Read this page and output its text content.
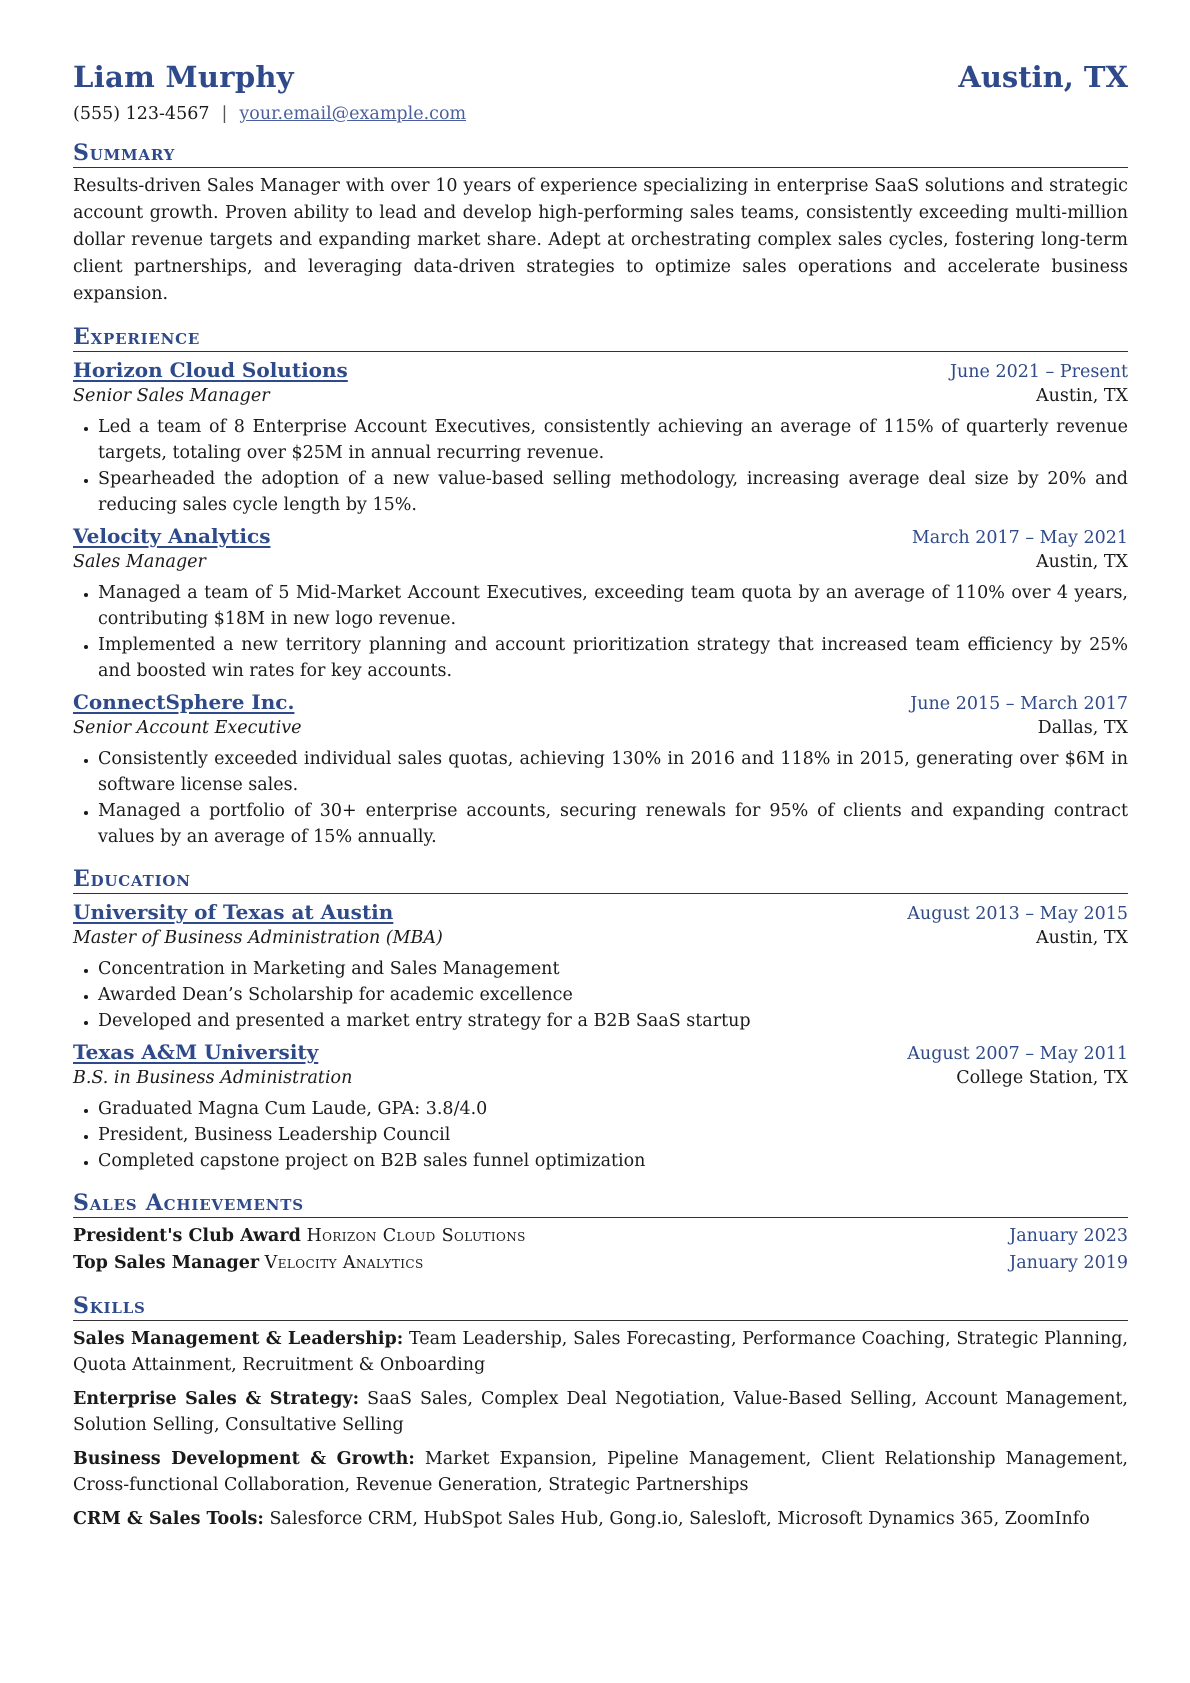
Liam Murphy	Austin, TX
(555) 123-4567 | your.email@example.com
Summary
Results-driven Sales Manager with over 10 years of experience specializing in enterprise SaaS solutions and strategic account growth. Proven ability to lead and develop high-performing sales teams, consistently exceeding multi-million dollar revenue targets and expanding market share. Adept at orchestrating complex sales cycles, fostering long-term client partnerships, and leveraging data-driven strategies to optimize sales operations and accelerate business expansion.
Experience
Horizon Cloud Solutions	June 2021 – Present
Senior Sales Manager	Austin, TX
• Led a team of 8 Enterprise Account Executives, consistently achieving an average of 115% of quarterly revenue targets, totaling over $25M in annual recurring revenue.
• Spearheaded the adoption of a new value-based selling methodology, increasing average deal size by 20% and reducing sales cycle length by 15%.
Velocity Analytics	March 2017 – May 2021
Sales Manager	Austin, TX
• Managed a team of 5 Mid-Market Account Executives, exceeding team quota by an average of 110% over 4 years, contributing $18M in new logo revenue.
• Implemented a new territory planning and account prioritization strategy that increased team efficiency by 25% and boosted win rates for key accounts.
ConnectSphere Inc.	June 2015 – March 2017
Senior Account Executive	Dallas, TX
• Consistently exceeded individual sales quotas, achieving 130% in 2016 and 118% in 2015, generating over $6M in software license sales.
• Managed a portfolio of 30+ enterprise accounts, securing renewals for 95% of clients and expanding contract values by an average of 15% annually.
Education
University of Texas at Austin	August 2013 – May 2015
Master of Business Administration (MBA)	Austin, TX
• Concentration in Marketing and Sales Management
• Awarded Dean’s Scholarship for academic excellence
• Developed and presented a market entry strategy for a B2B SaaS startup
Texas A&M University	August 2007 – May 2011
B.S. in Business Administration	College Station, TX
• Graduated Magna Cum Laude, GPA: 3.8/4.0
• President, Business Leadership Council
• Completed capstone project on B2B sales funnel optimization
Sales Achievements
President's Club Award Horizon Cloud Solutions	January 2023
Top Sales Manager Velocity Analytics	January 2019
Skills
Sales Management & Leadership: Team Leadership, Sales Forecasting, Performance Coaching, Strategic Planning, Quota Attainment, Recruitment & Onboarding
Enterprise Sales & Strategy: SaaS Sales, Complex Deal Negotiation, Value-Based Selling, Account Management, Solution Selling, Consultative Selling
Business Development & Growth: Market Expansion, Pipeline Management, Client Relationship Management, Cross-functional Collaboration, Revenue Generation, Strategic Partnerships
CRM & Sales Tools: Salesforce CRM, HubSpot Sales Hub, Gong.io, Salesloft, Microsoft Dynamics 365, ZoomInfo
